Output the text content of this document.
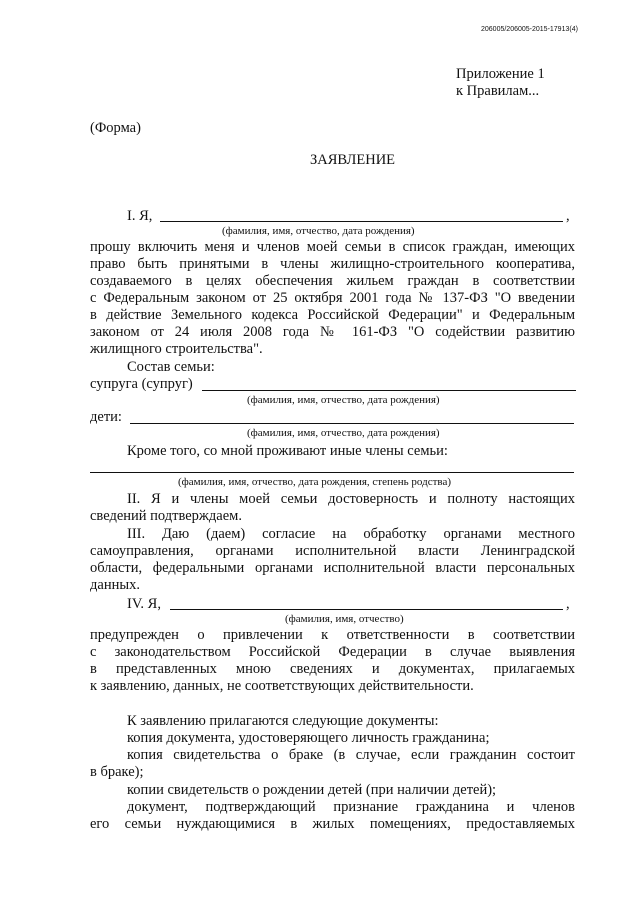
206005/206005-2015-17913(4)
Приложение 1
к Правилам...
(Форма)
ЗАЯВЛЕНИЕ
I. Я,	,
(фамилия, имя, отчество, дата рождения)
прошу включить меня и членов моей семьи в список граждан, имеющих
право быть принятыми в члены жилищно-строительного кооператива,
создаваемого в целях обеспечения жильем граждан в соответствии
с Федеральным законом от 25 октября 2001 года № 137-ФЗ "О введении
в действие Земельного кодекса Российской Федерации" и Федеральным
законом от 24 июля 2008 года № 161-ФЗ "О содействии развитию
жилищного строительства".
Состав семьи:
супруга (супруг)
(фамилия, имя, отчество, дата рождения)
дети:
(фамилия, имя, отчество, дата рождения)
Кроме того, со мной проживают иные члены семьи:
(фамилия, имя, отчество, дата рождения, степень родства)
II. Я и члены моей семьи достоверность и полноту настоящих
сведений подтверждаем.
III. Даю (даем) согласие на обработку органами местного
самоуправления, органами исполнительной власти Ленинградской
области, федеральными органами исполнительной власти персональных
данных.
IV. Я,	,
(фамилия, имя, отчество)
предупрежден о привлечении к ответственности в соответствии
с законодательством Российской Федерации в случае выявления
в представленных мною сведениях и документах, прилагаемых
к заявлению, данных, не соответствующих действительности.
К заявлению прилагаются следующие документы:
копия документа, удостоверяющего личность гражданина;
копия свидетельства о браке (в случае, если гражданин состоит
в браке);
копии свидетельств о рождении детей (при наличии детей);
документ, подтверждающий признание гражданина и членов
его семьи нуждающимися в жилых помещениях, предоставляемых
